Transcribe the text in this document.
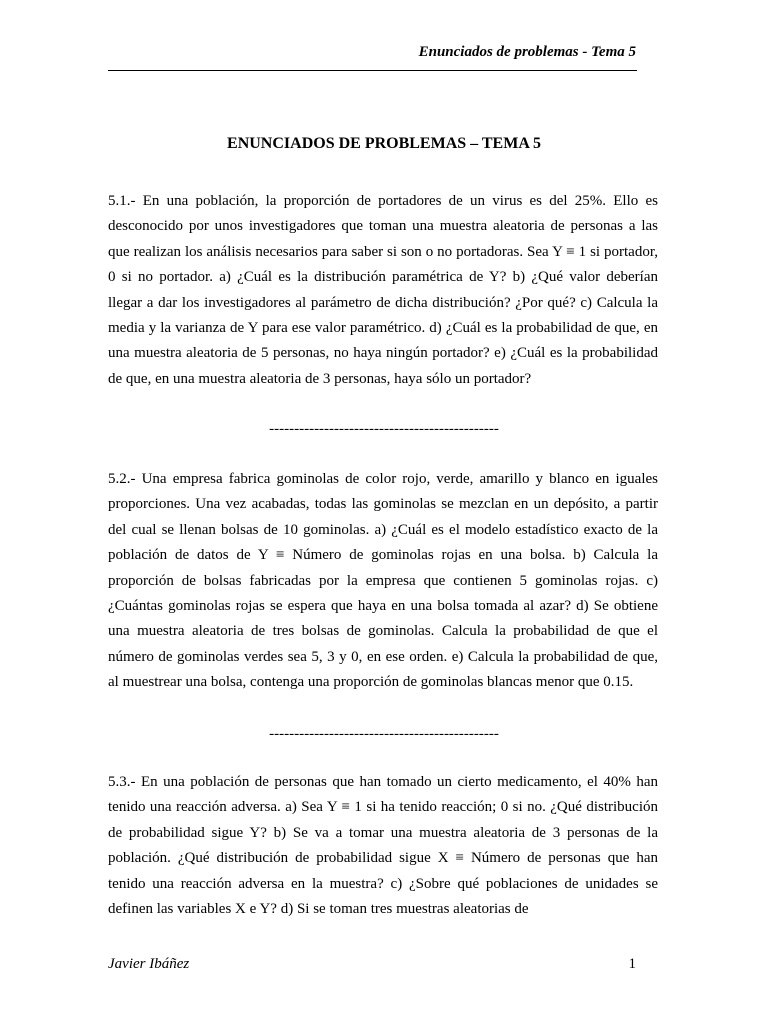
Enunciados de problemas - Tema 5
ENUNCIADOS DE PROBLEMAS – TEMA 5

5.1.- En una población, la proporción de portadores de un virus es del 25%. Ello es desconocido por unos investigadores que toman una muestra aleatoria de personas a las que realizan los análisis necesarios para saber si son o no portadoras. Sea Y ≡ 1 si portador, 0 si no portador. a) ¿Cuál es la distribución paramétrica de Y? b) ¿Qué valor deberían llegar a dar los investigadores al parámetro de dicha distribución? ¿Por qué? c) Calcula la media y la varianza de Y para ese valor paramétrico. d) ¿Cuál es la probabilidad de que, en una muestra aleatoria de 5 personas, no haya ningún portador? e) ¿Cuál es la probabilidad de que, en una muestra aleatoria de 3 personas, haya sólo un portador?

----------------------------------------------

5.2.- Una empresa fabrica gominolas de color rojo, verde, amarillo y blanco en iguales proporciones. Una vez acabadas, todas las gominolas se mezclan en un depósito, a partir del cual se llenan bolsas de 10 gominolas. a) ¿Cuál es el modelo estadístico exacto de la población de datos de Y ≡ Número de gominolas rojas en una bolsa. b) Calcula la proporción de bolsas fabricadas por la empresa que contienen 5 gominolas rojas. c) ¿Cuántas gominolas rojas se espera que haya en una bolsa tomada al azar? d) Se obtiene una muestra aleatoria de tres bolsas de gominolas. Calcula la probabilidad de que el número de gominolas verdes sea 5, 3 y 0, en ese orden. e) Calcula la probabilidad de que, al muestrear una bolsa, contenga una proporción de gominolas blancas menor que 0.15.

----------------------------------------------

5.3.- En una población de personas que han tomado un cierto medicamento, el 40% han tenido una reacción adversa. a) Sea Y ≡ 1 si ha tenido reacción; 0 si no. ¿Qué distribución de probabilidad sigue Y? b) Se va a tomar una muestra aleatoria de 3 personas de la población. ¿Qué distribución de probabilidad sigue X ≡ Número de personas que han tenido una reacción adversa en la muestra? c) ¿Sobre qué poblaciones de unidades se definen las variables X e Y? d) Si se toman tres muestras aleatorias de

Javier Ibáñez	1
